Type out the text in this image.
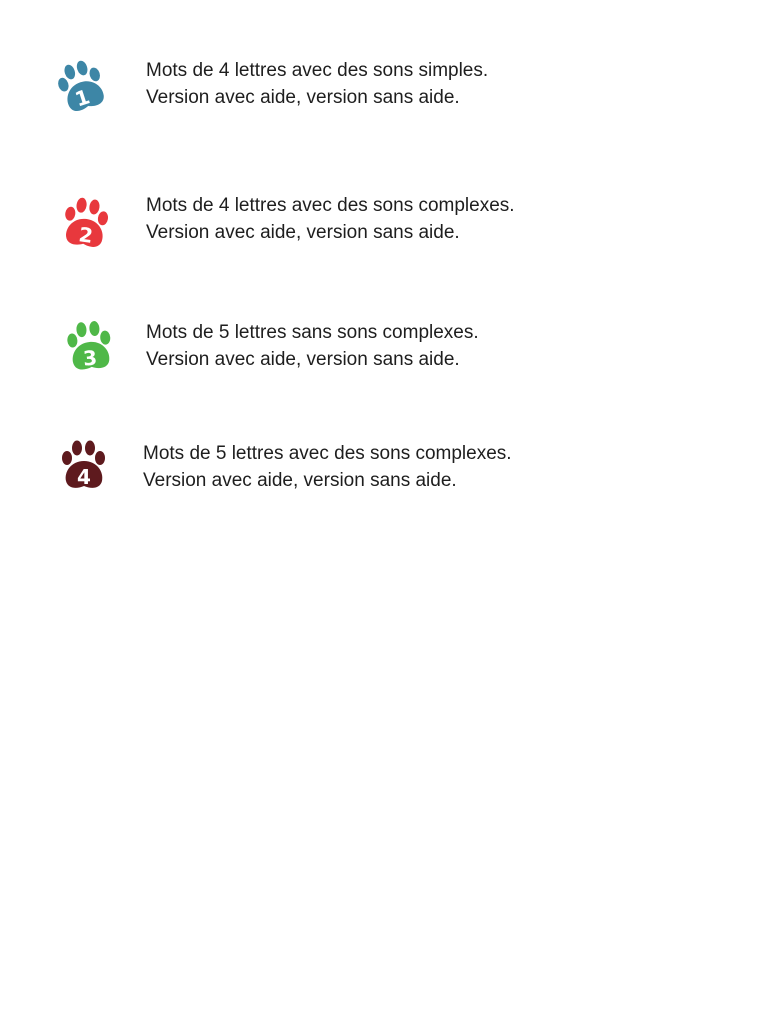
1
Mots de 4 lettres avec des sons simples.
Version avec aide, version sans aide.
2
Mots de 4 lettres avec des sons complexes.
Version avec aide, version sans aide.
3
Mots de 5 lettres sans sons complexes.
Version avec aide, version sans aide.
4
Mots de 5 lettres avec des sons complexes.
Version avec aide, version sans aide.
